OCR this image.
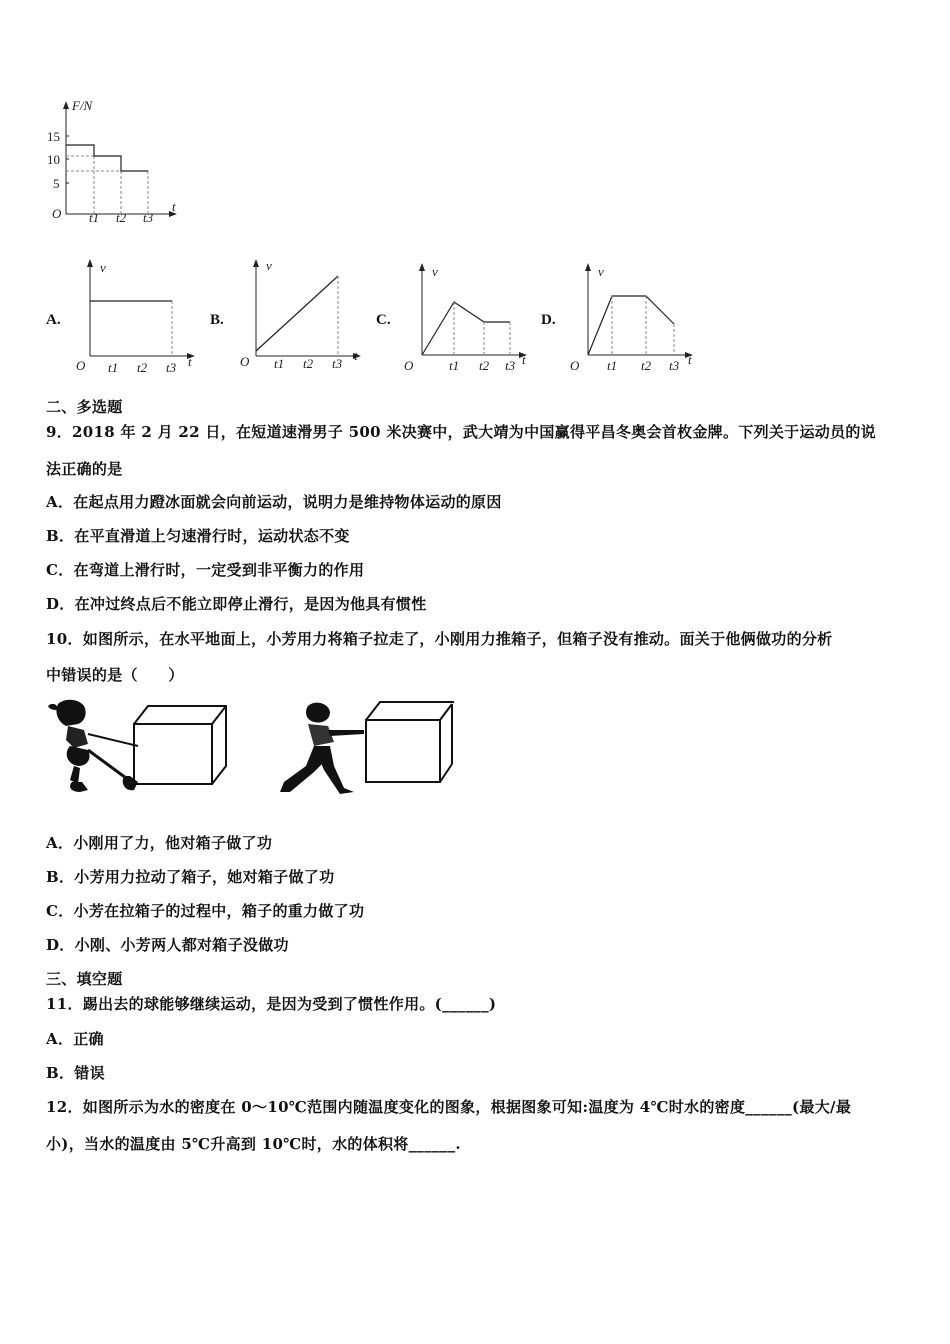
F/N
15
10
5
O	t
t1 t2 t3
A.
v
O	t
t1 t2 t3
B.
v
O	t
t1 t2 t3
C.
v
O	t
t1 t2 t3
D.
v
O	t
t1 t2 t3
二、多选题
9．2018 年 2 月 22 日，在短道速滑男子 500 米决赛中，武大靖为中国赢得平昌冬奥会首枚金牌。下列关于运动员的说
法正确的是
A．在起点用力蹬冰面就会向前运动，说明力是维持物体运动的原因
B．在平直滑道上匀速滑行时，运动状态不变
C．在弯道上滑行时，一定受到非平衡力的作用
D．在冲过终点后不能立即停止滑行，是因为他具有惯性
10．如图所示，在水平地面上，小芳用力将箱子拉走了，小刚用力推箱子，但箱子没有推动。面关于他俩做功的分析
中错误的是（　　）
A．小刚用了力，他对箱子做了功
B．小芳用力拉动了箱子，她对箱子做了功
C．小芳在拉箱子的过程中，箱子的重力做了功
D．小刚、小芳两人都对箱子没做功
三、填空题
11．踢出去的球能够继续运动，是因为受到了惯性作用。(______)
A．正确
B．错误
12．如图所示为水的密度在 0～10℃范围内随温度变化的图象，根据图象可知:温度为 4℃时水的密度______(最大/最
小)，当水的温度由 5℃升高到 10℃时，水的体积将______.
